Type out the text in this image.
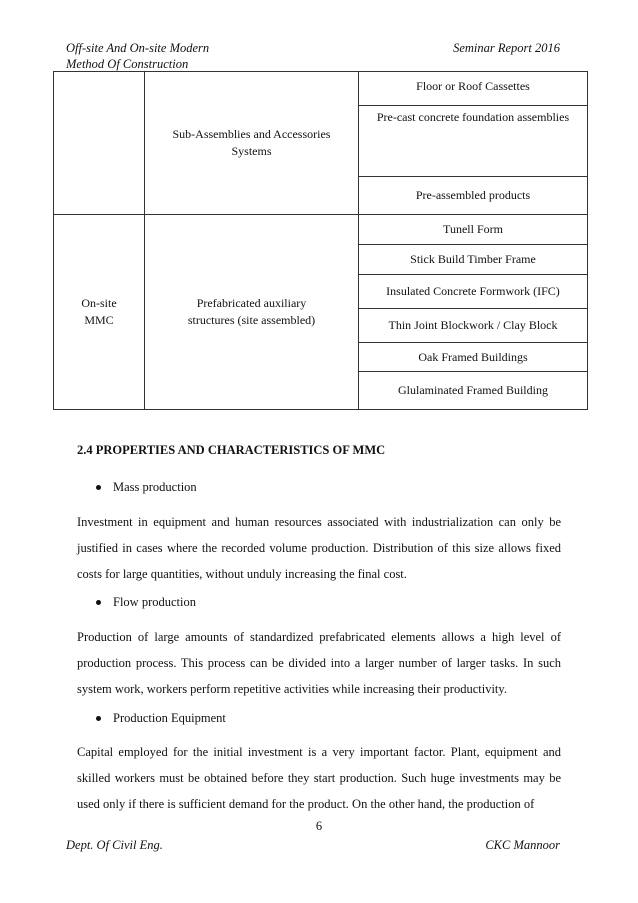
Off-site And On-site Modern
Method Of Construction
Seminar Report 2016
	Sub-Assemblies and Accessories Systems	Floor or Roof Cassettes
		Pre-cast concrete foundation assemblies
		Pre-assembled products
On-site MMC	Prefabricated auxiliary structures (site assembled)	Tunell Form
		Stick Build Timber Frame
		Insulated Concrete Formwork (IFC)
		Thin Joint Blockwork / Clay Block
		Oak Framed Buildings
		Glulaminated Framed Building
2.4 PROPERTIES AND CHARACTERISTICS OF MMC
Mass production

Investment in equipment and human resources associated with industrialization can only be justified in cases where the recorded volume production. Distribution of this size allows fixed costs for large quantities, without unduly increasing the final cost.

Flow production

Production of large amounts of standardized prefabricated elements allows a high level of production process. This process can be divided into a larger number of larger tasks. In such system work, workers perform repetitive activities while increasing their productivity.

Production Equipment

Capital employed for the initial investment is a very important factor. Plant, equipment and skilled workers must be obtained before they start production. Such huge investments may be used only if there is sufficient demand for the product. On the other hand, the production of

6
Dept. Of Civil Eng.	CKC Mannoor
